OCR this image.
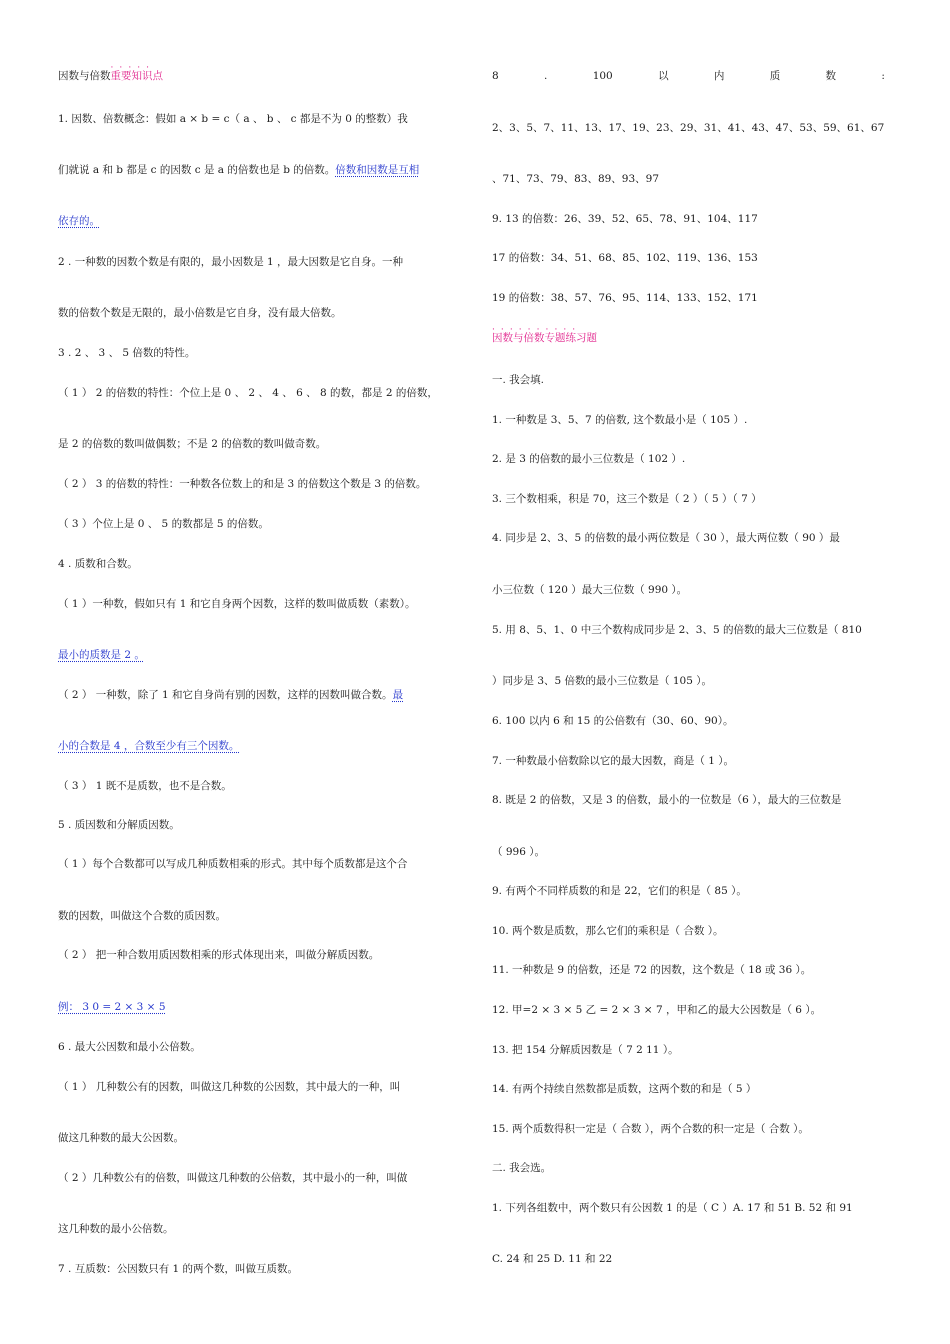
因数与倍数· · · 重要知识点
1. 因数、倍数概念：假如 a × b = c（ a 、 b 、 c 都是不为 0 的整数）我
们就说 a 和 b 都是 c 的因数 c 是 a 的倍数也是 b 的倍数。倍数和因数是互相
依存的。
2 . 一种数的因数个数是有限的，最小因数是 1 ，最大因数是它自身。一种
数的倍数个数是无限的，最小倍数是它自身，没有最大倍数。
3 . 2 、 3 、 5 倍数的特性。
（ 1 ） 2 的倍数的特性：个位上是 0 、 2 、 4 、 6 、 8 的数，都是 2 的倍数，
是 2 的倍数的数叫做偶数；不是 2 的倍数的数叫做奇数。
（ 2 ） 3 的倍数的特性：一种数各位数上的和是 3 的倍数这个数是 3 的倍数。
（ 3 ）个位上是 0 、 5 的数都是 5 的倍数。
4 . 质数和合数。
（ 1 ）一种数，假如只有 1 和它自身两个因数，这样的数叫做质数（素数）。
最小的质数是 2 。
（ 2 ） 一种数，除了 1 和它自身尚有别的因数，这样的因数叫做合数。最
小的合数是 4 ，合数至少有三个因数。
（ 3 ） 1 既不是质数，也不是合数。
5 . 质因数和分解质因数。
（ 1 ）每个合数都可以写成几种质数相乘的形式。其中每个质数都是这个合
数的因数，叫做这个合数的质因数。
（ 2 ） 把一种合数用质因数相乘的形式体现出来，叫做分解质因数。
例： 3 0 = 2 × 3 × 5
6 . 最大公因数和最小公倍数。
（ 1 ） 几种数公有的因数，叫做这几种数的公因数，其中最大的一种，叫
做这几种数的最大公因数。
（ 2 ）几种数公有的倍数，叫做这几种数的公倍数，其中最小的一种，叫做
这几种数的最小公倍数。
7 . 互质数：公因数只有 1 的两个数，叫做互质数。
8	.	100	以	内	质	数	:
2、3、5、7、11、13、17、19、23、29、31、41、43、47、53、59、61、67
、71、73、79、83、89、93、97
9. 13 的倍数：26、39、52、65、78、91、104、117
17 的倍数：34、51、68、85、102、119、136、153
19 的倍数：38、57、76、95、114、133、152、171
· · · 因数与倍数专题练习题
一. 我会填.
1. 一种数是 3、5、7 的倍数, 这个数最小是（ 105 ）.
2. 是 3 的倍数的最小三位数是（ 102 ）.
3. 三个数相乘，积是 70，这三个数是（ 2 ）（ 5 ）（ 7 ）
4. 同步是 2、3、5 的倍数的最小两位数是（ 30 ），最大两位数（ 90 ）最
小三位数（ 120 ）最大三位数（ 990 ）。
5. 用 8、5、1、0 中三个数构成同步是 2、3、5 的倍数的最大三位数是（ 810
）同步是 3、5 倍数的最小三位数是（ 105 ）。
6. 100 以内 6 和 15 的公倍数有（30、60、90）。
7. 一种数最小倍数除以它的最大因数，商是（ 1 ）。
8. 既是 2 的倍数，又是 3 的倍数，最小的一位数是（6 ），最大的三位数是
（ 996 ）。
9. 有两个不同样质数的和是 22，它们的积是（ 85 ）。
10. 两个数是质数，那么它们的乘积是（ 合数 ）。
11. 一种数是 9 的倍数，还是 72 的因数，这个数是（ 18 或 36 ）。
12. 甲=2 × 3 × 5 乙 = 2 × 3 × 7 ，甲和乙的最大公因数是（ 6 ）。
13. 把 154 分解质因数是（ 7 2 11 ）。
14. 有两个持续自然数都是质数，这两个数的和是（ 5 ）
15. 两个质数得积一定是（ 合数 ），两个合数的积一定是（ 合数 ）。
二. 我会选。
1. 下列各组数中，两个数只有公因数 1 的是（ C ）A. 17 和 51 B. 52 和 91
C. 24 和 25 D. 11 和 22
